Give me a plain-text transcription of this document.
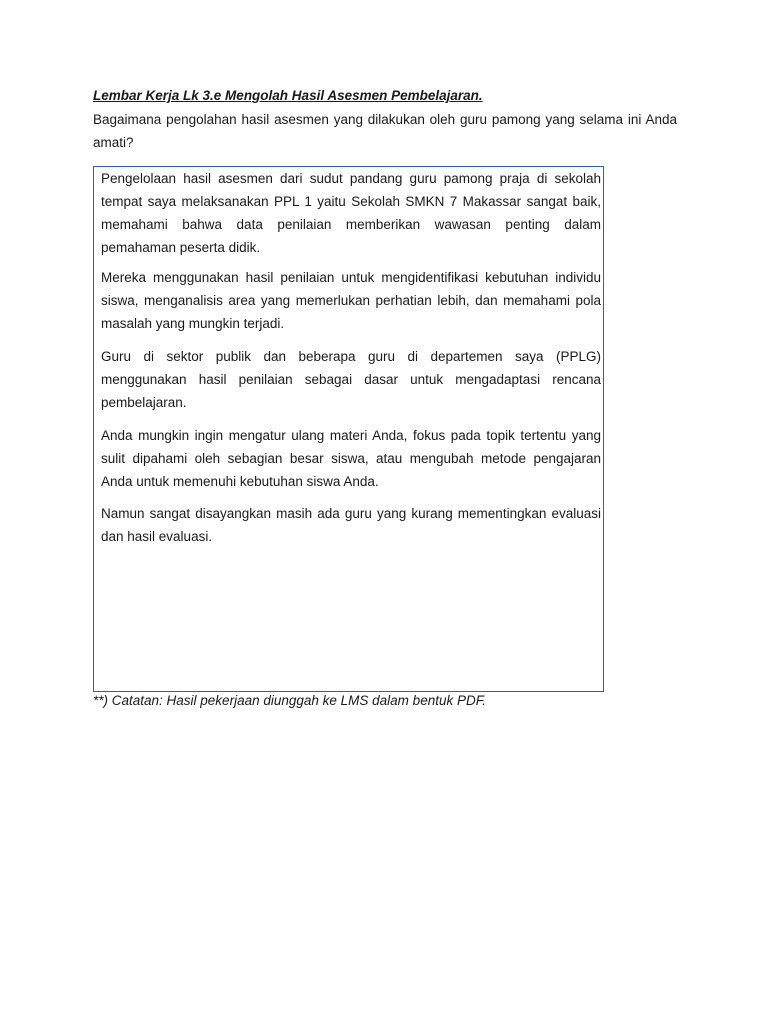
Lembar Kerja Lk 3.e Mengolah Hasil Asesmen Pembelajaran.
Bagaimana pengolahan hasil asesmen yang dilakukan oleh guru pamong yang selama ini Anda amati?

Pengelolaan hasil asesmen dari sudut pandang guru pamong praja di sekolah tempat saya melaksanakan PPL 1 yaitu Sekolah SMKN 7 Makassar sangat baik, memahami bahwa data penilaian memberikan wawasan penting dalam pemahaman peserta didik.

Mereka menggunakan hasil penilaian untuk mengidentifikasi kebutuhan individu siswa, menganalisis area yang memerlukan perhatian lebih, dan memahami pola masalah yang mungkin terjadi.

Guru di sektor publik dan beberapa guru di departemen saya (PPLG) menggunakan hasil penilaian sebagai dasar untuk mengadaptasi rencana pembelajaran.

Anda mungkin ingin mengatur ulang materi Anda, fokus pada topik tertentu yang sulit dipahami oleh sebagian besar siswa, atau mengubah metode pengajaran Anda untuk memenuhi kebutuhan siswa Anda.

Namun sangat disayangkan masih ada guru yang kurang mementingkan evaluasi dan hasil evaluasi.

**) Catatan: Hasil pekerjaan diunggah ke LMS dalam bentuk PDF.
